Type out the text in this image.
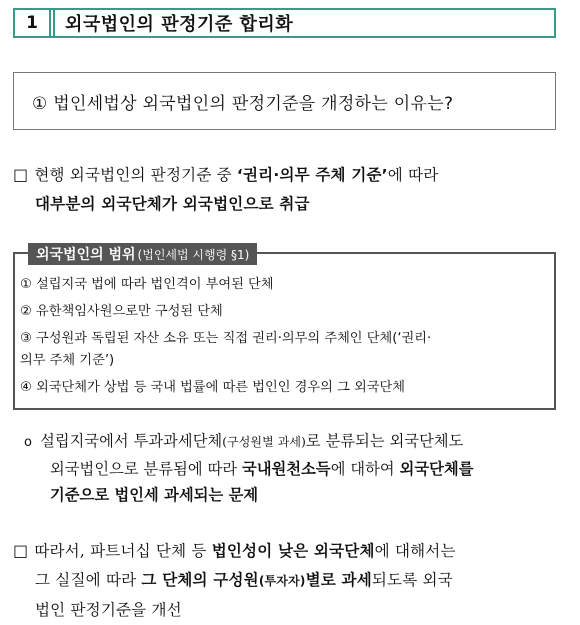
1	외국법인의 판정기준 합리화
① 법인세법상 외국법인의 판정기준을 개정하는 이유는?
□ 현행 외국법인의 판정기준 중 ‘권리·의무 주체 기준’에 따라
대부분의 외국단체가 외국법인으로 취급
외국법인의 범위 (법인세법 시행령 §1)
① 설립지국 법에 따라 법인격이 부여된 단체
② 유한책임사원으로만 구성된 단체
③ 구성원과 독립된 자산 소유 또는 직접 권리·의무의 주체인 단체(‘권리·
의무 주체 기준’)
④ 외국단체가 상법 등 국내 법률에 따른 법인인 경우의 그 외국단체
o 설립지국에서 투과과세단체(구성원별 과세)로 분류되는 외국단체도
외국법인으로 분류됨에 따라 국내원천소득에 대하여 외국단체를
기준으로 법인세 과세되는 문제
□ 따라서, 파트너십 단체 등 법인성이 낮은 외국단체에 대해서는
그 실질에 따라 그 단체의 구성원(투자자)별로 과세되도록 외국
법인 판정기준을 개선
